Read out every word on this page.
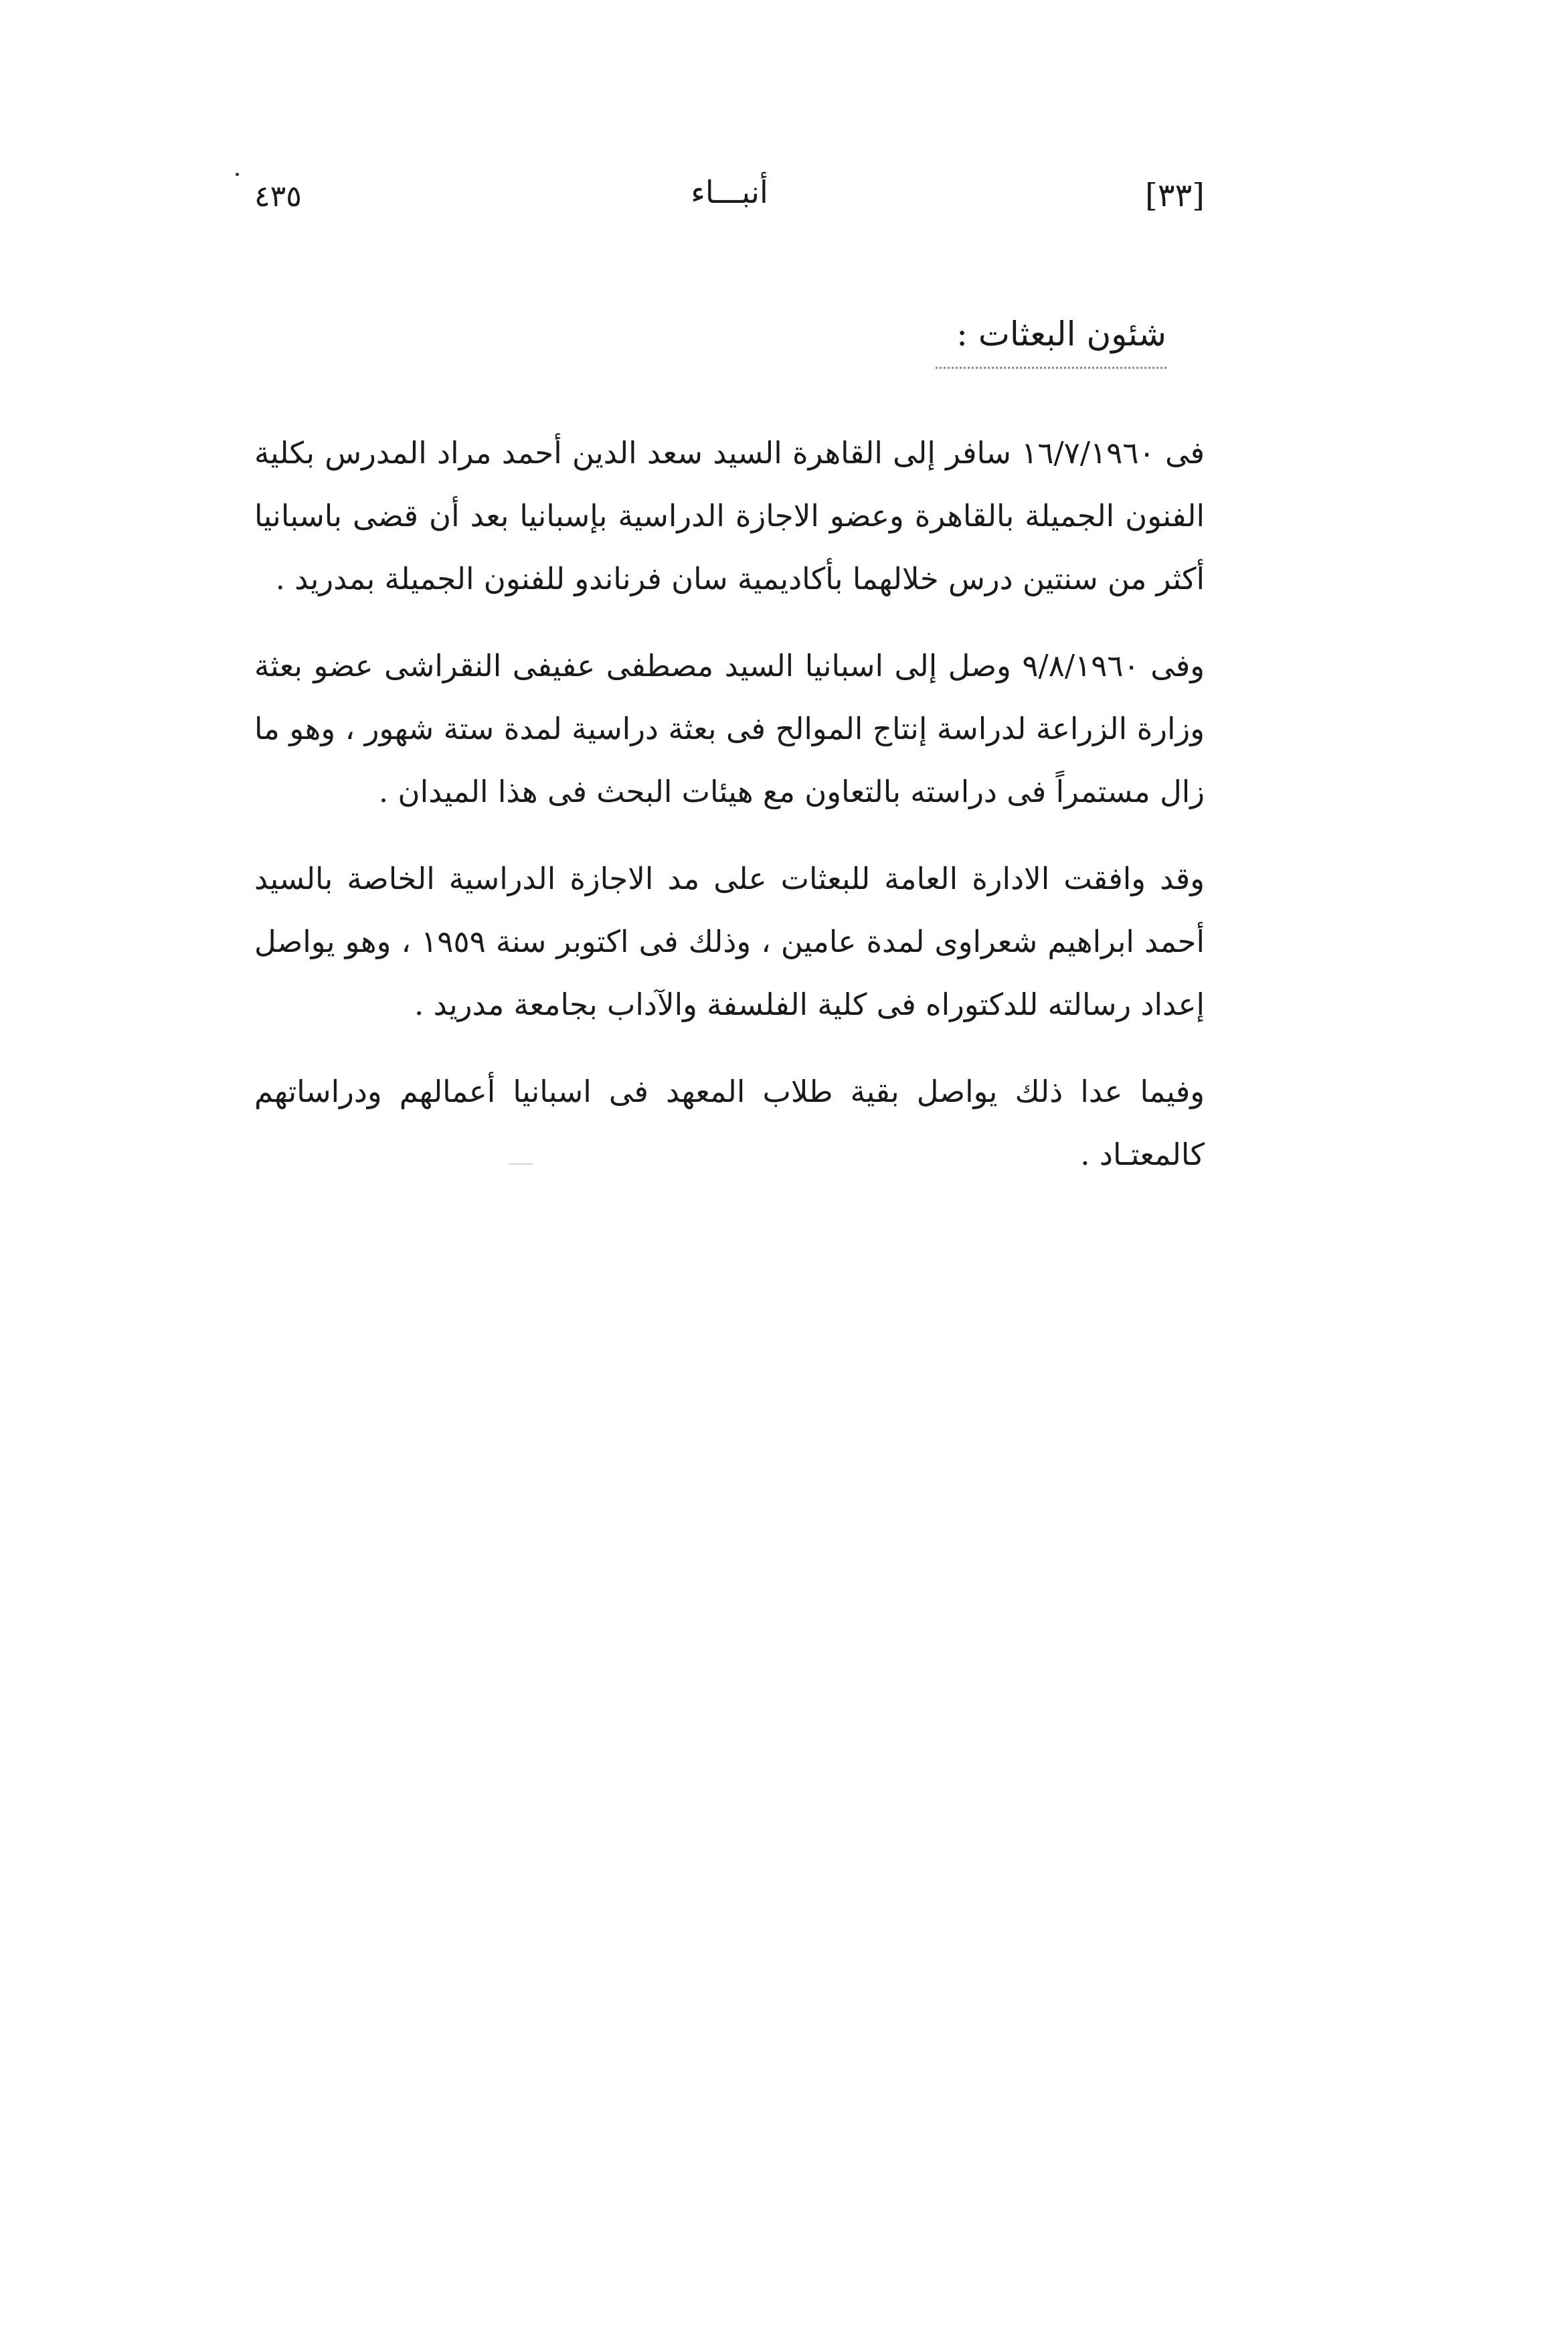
٤٣٥	أنبـــاء	[٣٣]
شئون البعثات :

فى ١٦/٧/١٩٦٠ سافر إلى القاهرة السيد سعد الدين أحمد مراد المدرس بكلية الفنون الجميلة بالقاهرة وعضو الاجازة الدراسية بإسبانيا بعد أن قضى باسبانيا أكثر من سنتين درس خلالهما بأكاديمية سان فرناندو للفنون الجميلة بمدريد .

وفى ٩/٨/١٩٦٠ وصل إلى اسبانيا السيد مصطفى عفيفى النقراشى عضو بعثة وزارة الزراعة لدراسة إنتاج الموالح فى بعثة دراسية لمدة ستة شهور ، وهو ما زال مستمراً فى دراسته بالتعاون مع هيئات البحث فى هذا الميدان .

وقد وافقت الادارة العامة للبعثات على مد الاجازة الدراسية الخاصة بالسيد أحمد ابراهيم شعراوى لمدة عامين ، وذلك فى اكتوبر سنة ١٩٥٩ ، وهو يواصل إعداد رسالته للدكتوراه فى كلية الفلسفة والآداب بجامعة مدريد .

وفيما عدا ذلك يواصل بقية طلاب المعهد فى اسبانيا أعمالهم ودراساتهم كالمعتـاد .
